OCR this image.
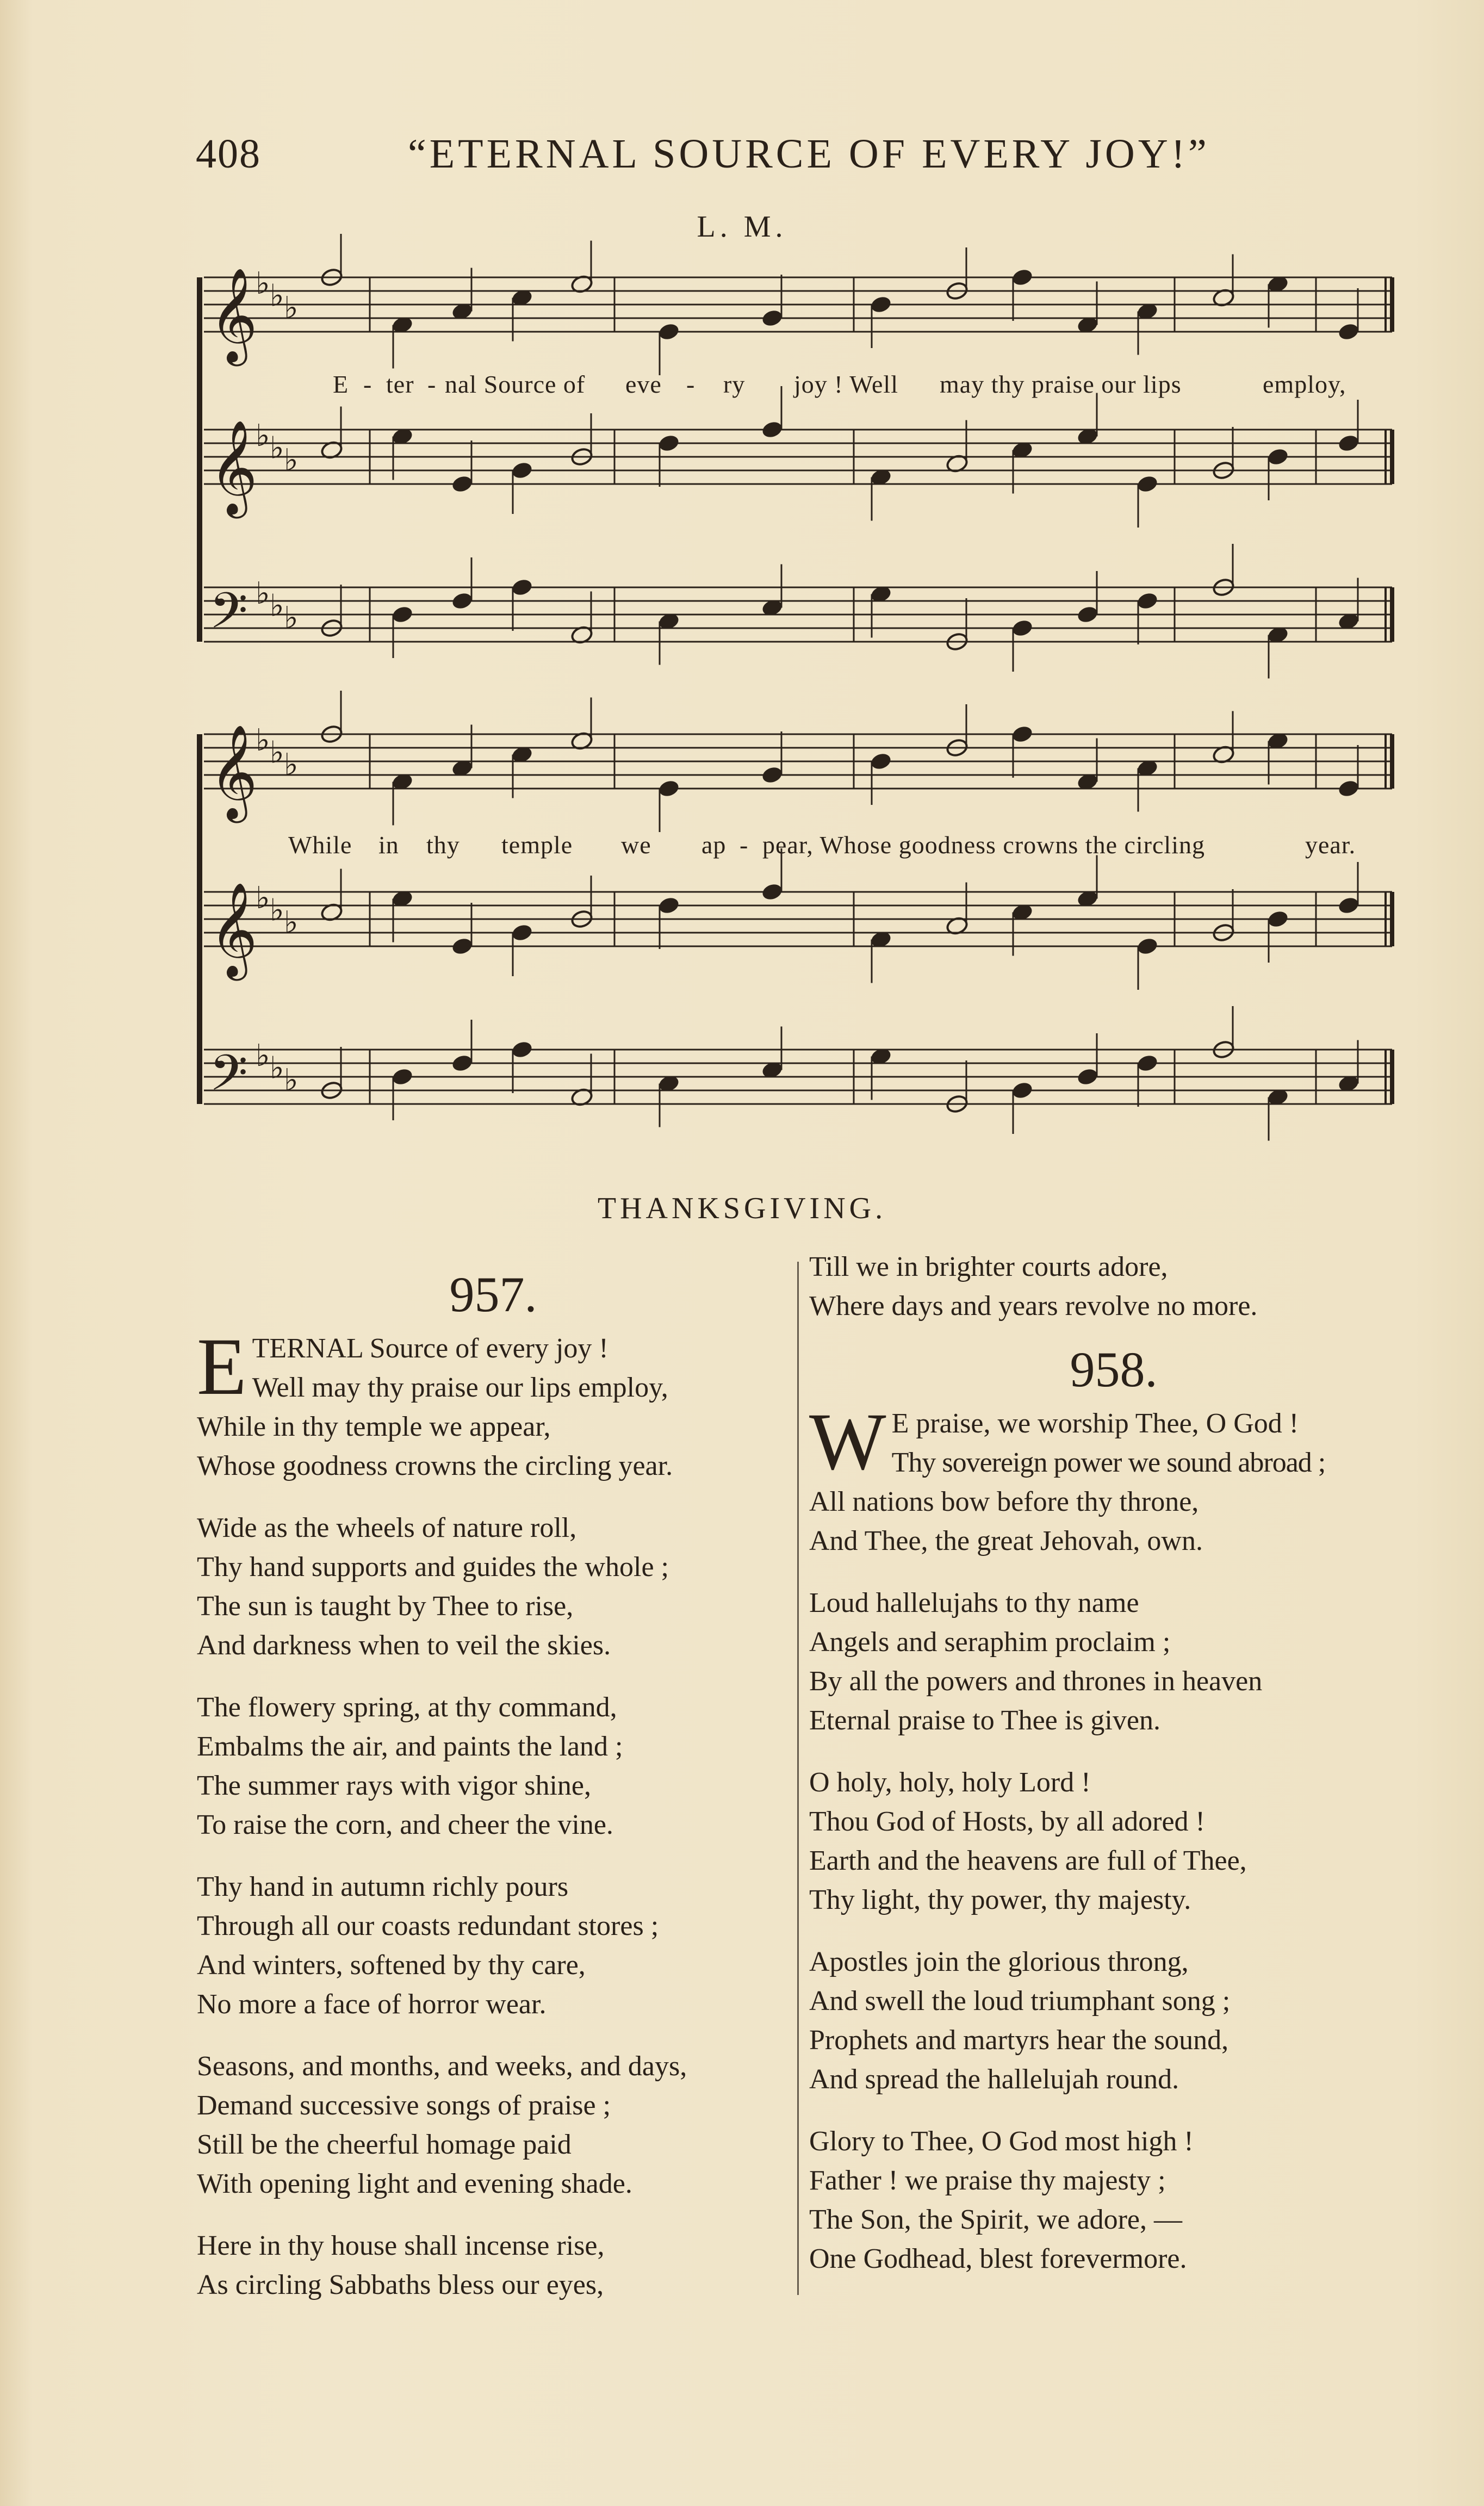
408	“ETERNAL SOURCE OF EVERY JOY!”
L. M.
𝄞
♭ ♭ ♭
𝄞
♭ ♭ ♭
𝄢 ♭ ♭ ♭
𝄞
♭ ♭ ♭
𝄞
♭ ♭ ♭
𝄢 ♭ ♭ ♭
E - ter - nal Source of eve - ry joy ! Well may thy praise our lips	employ,
While in thy temple we ap - pear, Whose goodness crowns the circling	year.
THANKSGIVING.
957.
E TERNAL Source of every joy !
Well may thy praise our lips employ,
While in thy temple we appear,
Whose goodness crowns the circling year.
Wide as the wheels of nature roll,
Thy hand supports and guides the whole ;
The sun is taught by Thee to rise,
And darkness when to veil the skies.
The flowery spring, at thy command,
Embalms the air, and paints the land ;
The summer rays with vigor shine,
To raise the corn, and cheer the vine.
Thy hand in autumn richly pours
Through all our coasts redundant stores ;
And winters, softened by thy care,
No more a face of horror wear.
Seasons, and months, and weeks, and days,
Demand successive songs of praise ;
Still be the cheerful homage paid
With opening light and evening shade.
Here in thy house shall incense rise,
As circling Sabbaths bless our eyes,
Till we in brighter courts adore,
Where days and years revolve no more.
958.
W E praise, we worship Thee, O God !
Thy sovereign power we sound abroad ;
All nations bow before thy throne,
And Thee, the great Jehovah, own.
Loud hallelujahs to thy name
Angels and seraphim proclaim ;
By all the powers and thrones in heaven
Eternal praise to Thee is given.
O holy, holy, holy Lord !
Thou God of Hosts, by all adored !
Earth and the heavens are full of Thee,
Thy light, thy power, thy majesty.
Apostles join the glorious throng,
And swell the loud triumphant song ;
Prophets and martyrs hear the sound,
And spread the hallelujah round.
Glory to Thee, O God most high !
Father ! we praise thy majesty ;
The Son, the Spirit, we adore, —
One Godhead, blest forevermore.
